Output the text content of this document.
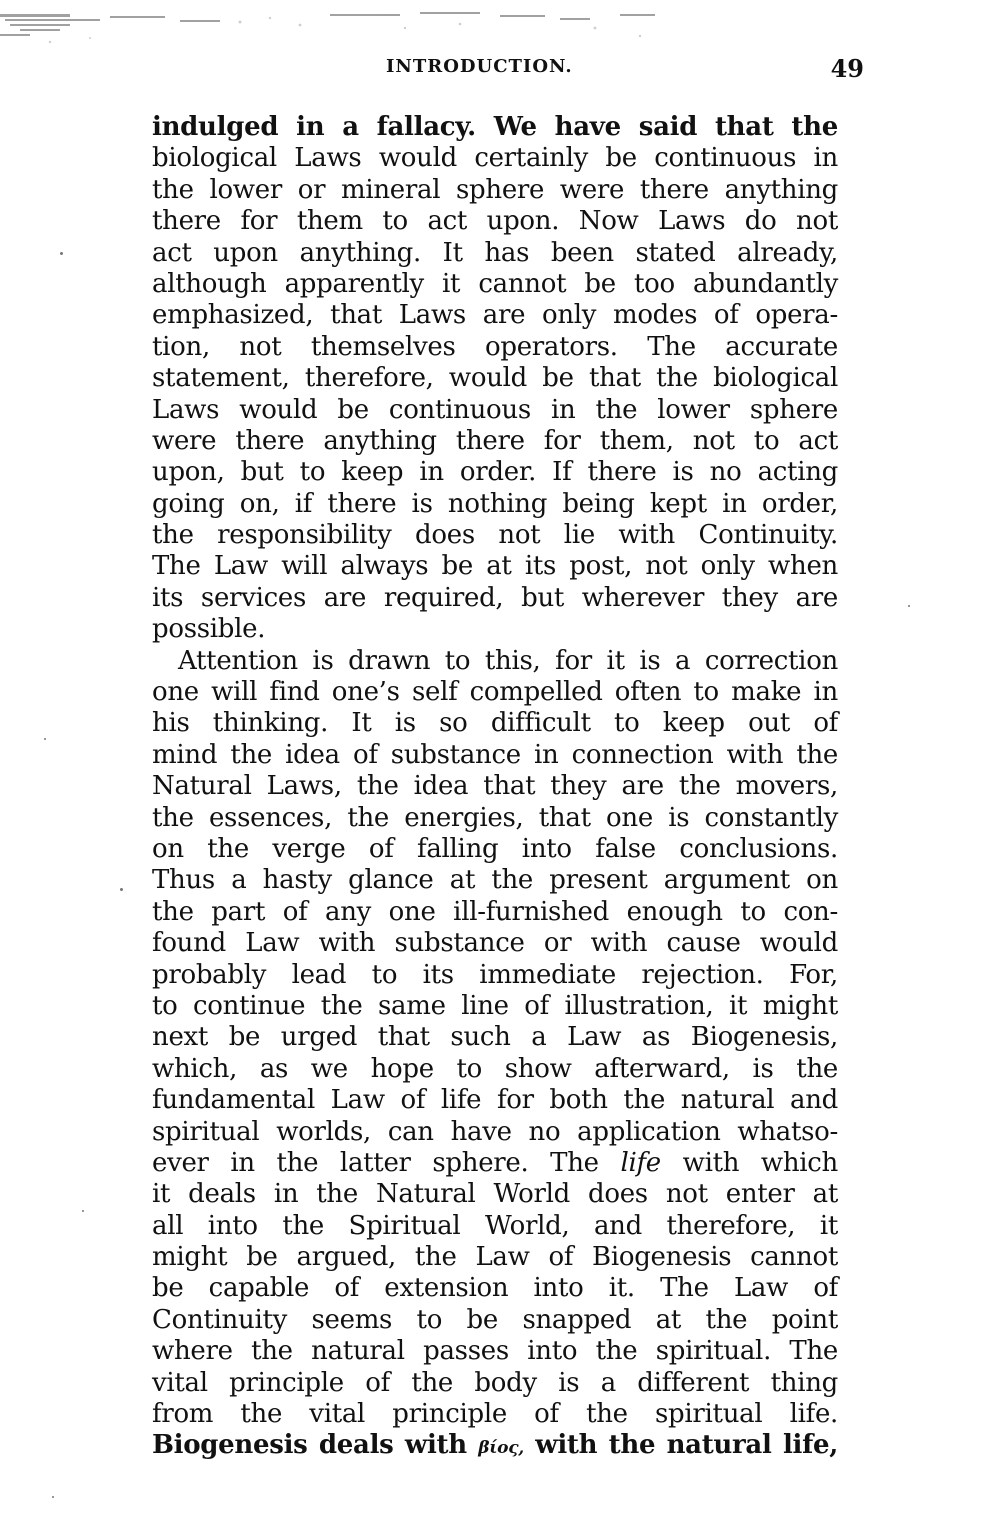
INTRODUCTION.	49
indulged in a fallacy. We have said that the
biological Laws would certainly be continuous in
the lower or mineral sphere were there anything
there for them to act upon. Now Laws do not
act upon anything. It has been stated already,
although apparently it cannot be too abundantly
emphasized, that Laws are only modes of opera-
tion, not themselves operators. The accurate
statement, therefore, would be that the biological
Laws would be continuous in the lower sphere
were there anything there for them, not to act
upon, but to keep in order. If there is no acting
going on, if there is nothing being kept in order,
the responsibility does not lie with Continuity.
The Law will always be at its post, not only when
its services are required, but wherever they are
possible.
Attention is drawn to this, for it is a correction
one will find one’s self compelled often to make in
his thinking. It is so difficult to keep out of
mind the idea of substance in connection with the
Natural Laws, the idea that they are the movers,
the essences, the energies, that one is constantly
on the verge of falling into false conclusions.
Thus a hasty glance at the present argument on
the part of any one ill-furnished enough to con-
found Law with substance or with cause would
probably lead to its immediate rejection. For,
to continue the same line of illustration, it might
next be urged that such a Law as Biogenesis,
which, as we hope to show afterward, is the
fundamental Law of life for both the natural and
spiritual worlds, can have no application whatso-
ever in the latter sphere. The life with which
it deals in the Natural World does not enter at
all into the Spiritual World, and therefore, it
might be argued, the Law of Biogenesis cannot
be capable of extension into it. The Law of
Continuity seems to be snapped at the point
where the natural passes into the spiritual. The
vital principle of the body is a different thing
from the vital principle of the spiritual life.
Biogenesis deals with βίος, with the natural life,
